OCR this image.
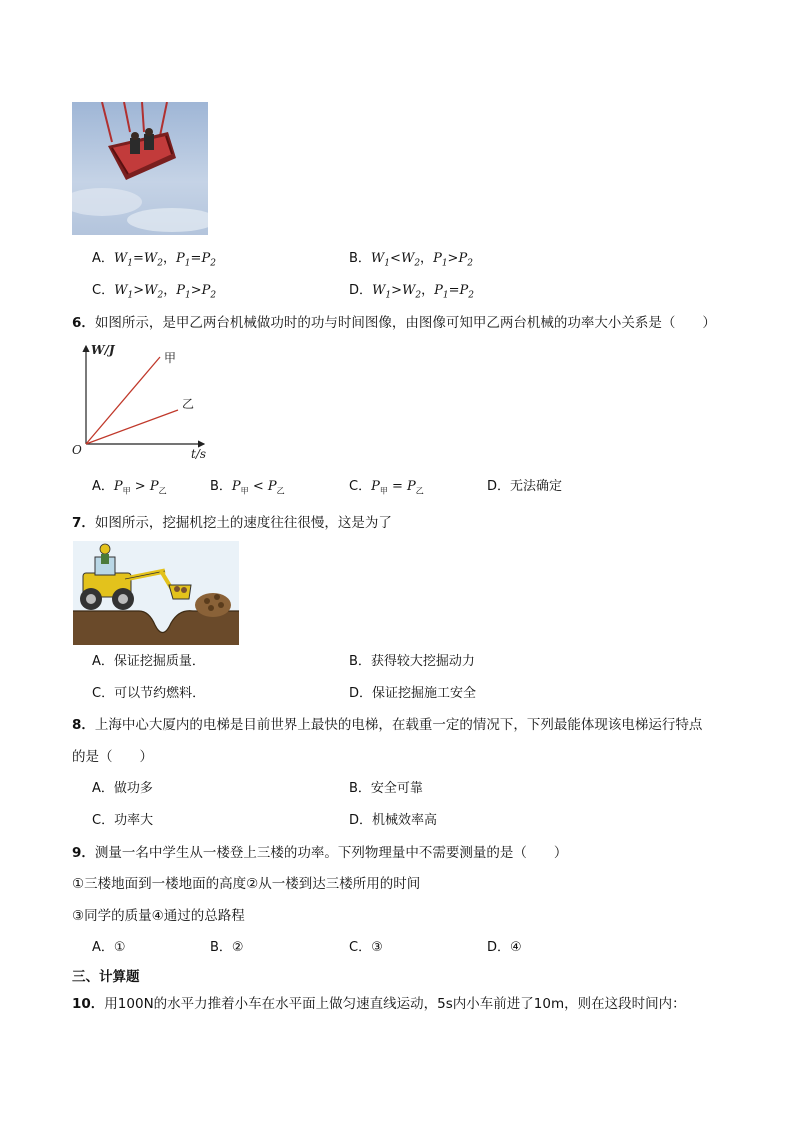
A．$W_1=W_2$，$P_1=P_2$	B．$W_1<W_2$，$P_1>P_2$
C．$W_1>W_2$，$P_1>P_2$	D．$W_1>W_2$，$P_1=P_2$
6．如图所示，是甲乙两台机械做功时的功与时间图像，由图像可知甲乙两台机械的功率大小关系是（　　）
W/J
t/s
O
甲
乙
A．$P_甲 > P_乙$	B．$P_甲 < P_乙$	C．$P_甲 = P_乙$	D．无法确定
7．如图所示，挖掘机挖土的速度往往很慢，这是为了
A．保证挖掘质量．	B．获得较大挖掘动力
C．可以节约燃料．	D．保证挖掘施工安全
8．上海中心大厦内的电梯是目前世界上最快的电梯，在载重一定的情况下，下列最能体现该电梯运行特点
的是（　　）
A．做功多	B．安全可靠
C．功率大	D．机械效率高
9．测量一名中学生从一楼登上三楼的功率。下列物理量中不需要测量的是（　　）
①三楼地面到一楼地面的高度②从一楼到达三楼所用的时间
③同学的质量④通过的总路程
A．①	B．②	C．③	D．④
三、计算题
10．用100N的水平力推着小车在水平面上做匀速直线运动，5s内小车前进了10m，则在这段时间内：
